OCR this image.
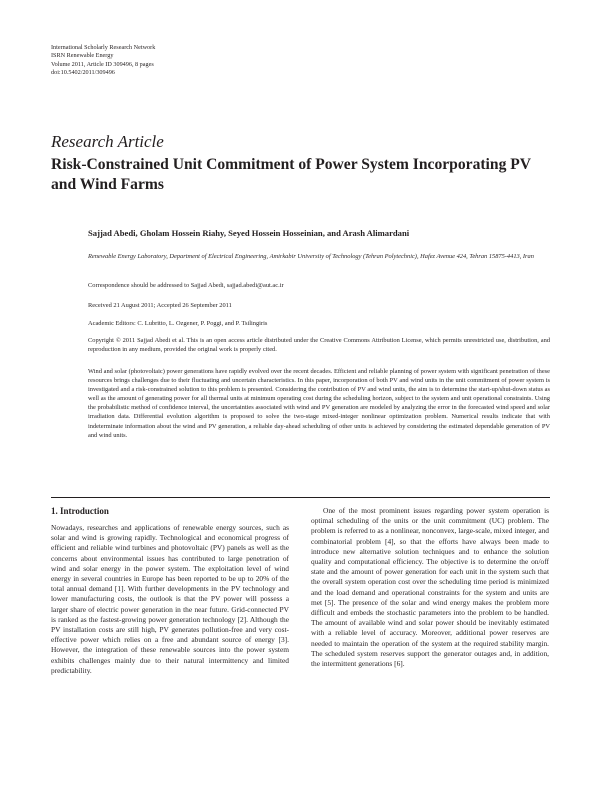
International Scholarly Research Network
ISRN Renewable Energy
Volume 2011, Article ID 309496, 8 pages
doi:10.5402/2011/309496
Research Article
Risk-Constrained Unit Commitment of Power System Incorporating PV and Wind Farms
Sajjad Abedi, Gholam Hossein Riahy, Seyed Hossein Hosseinian, and Arash Alimardani
Renewable Energy Laboratory, Department of Electrical Engineering, Amirkabir University of Technology (Tehran Polytechnic), Hafez Avenue 424, Tehran 15875-4413, Iran
Correspondence should be addressed to Sajjad Abedi, sajjad.abedi@aut.ac.ir
Received 21 August 2011; Accepted 26 September 2011
Academic Editors: C. Lubritto, L. Ozgener, P. Poggi, and P. Tsilingiris
Copyright © 2011 Sajjad Abedi et al. This is an open access article distributed under the Creative Commons Attribution License, which permits unrestricted use, distribution, and reproduction in any medium, provided the original work is properly cited.
Wind and solar (photovoltaic) power generations have rapidly evolved over the recent decades. Efficient and reliable planning of power system with significant penetration of these resources brings challenges due to their fluctuating and uncertain characteristics. In this paper, incorporation of both PV and wind units in the unit commitment of power system is investigated and a risk-constrained solution to this problem is presented. Considering the contribution of PV and wind units, the aim is to determine the start-up/shut-down status as well as the amount of generating power for all thermal units at minimum operating cost during the scheduling horizon, subject to the system and unit operational constraints. Using the probabilistic method of confidence interval, the uncertainties associated with wind and PV generation are modeled by analyzing the error in the forecasted wind speed and solar irradiation data. Differential evolution algorithm is proposed to solve the two-stage mixed-integer nonlinear optimization problem. Numerical results indicate that with indeterminate information about the wind and PV generation, a reliable day-ahead scheduling of other units is achieved by considering the estimated dependable generation of PV and wind units.
1. Introduction

Nowadays, researches and applications of renewable energy sources, such as solar and wind is growing rapidly. Technological and economical progress of efficient and reliable wind turbines and photovoltaic (PV) panels as well as the concerns about environmental issues has contributed to large penetration of wind and solar energy in the power system. The exploitation level of wind energy in several countries in Europe has been reported to be up to 20% of the total annual demand [1]. With further developments in the PV technology and lower manufacturing costs, the outlook is that the PV power will possess a larger share of electric power generation in the near future. Grid-connected PV is ranked as the fastest-growing power generation technology [2]. Although the PV installation costs are still high, PV generates pollution-free and very cost-effective power which relies on a free and abundant source of energy [3]. However, the integration of these renewable sources into the power system exhibits challenges mainly due to their natural intermittency and limited predictability.

One of the most prominent issues regarding power system operation is optimal scheduling of the units or the unit commitment (UC) problem. The problem is referred to as a nonlinear, nonconvex, large-scale, mixed integer, and combinatorial problem [4], so that the efforts have always been made to introduce new alternative solution techniques and to enhance the solution quality and computational efficiency. The objective is to determine the on/off state and the amount of power generation for each unit in the system such that the overall system operation cost over the scheduling time period is minimized and the load demand and operational constraints for the system and units are met [5]. The presence of the solar and wind energy makes the problem more difficult and embeds the stochastic parameters into the problem to be handled. The amount of available wind and solar power should be inevitably estimated with a reliable level of accuracy. Moreover, additional power reserves are needed to maintain the operation of the system at the required stability margin. The scheduled system reserves support the generator outages and, in addition, the intermittent generations [6].
